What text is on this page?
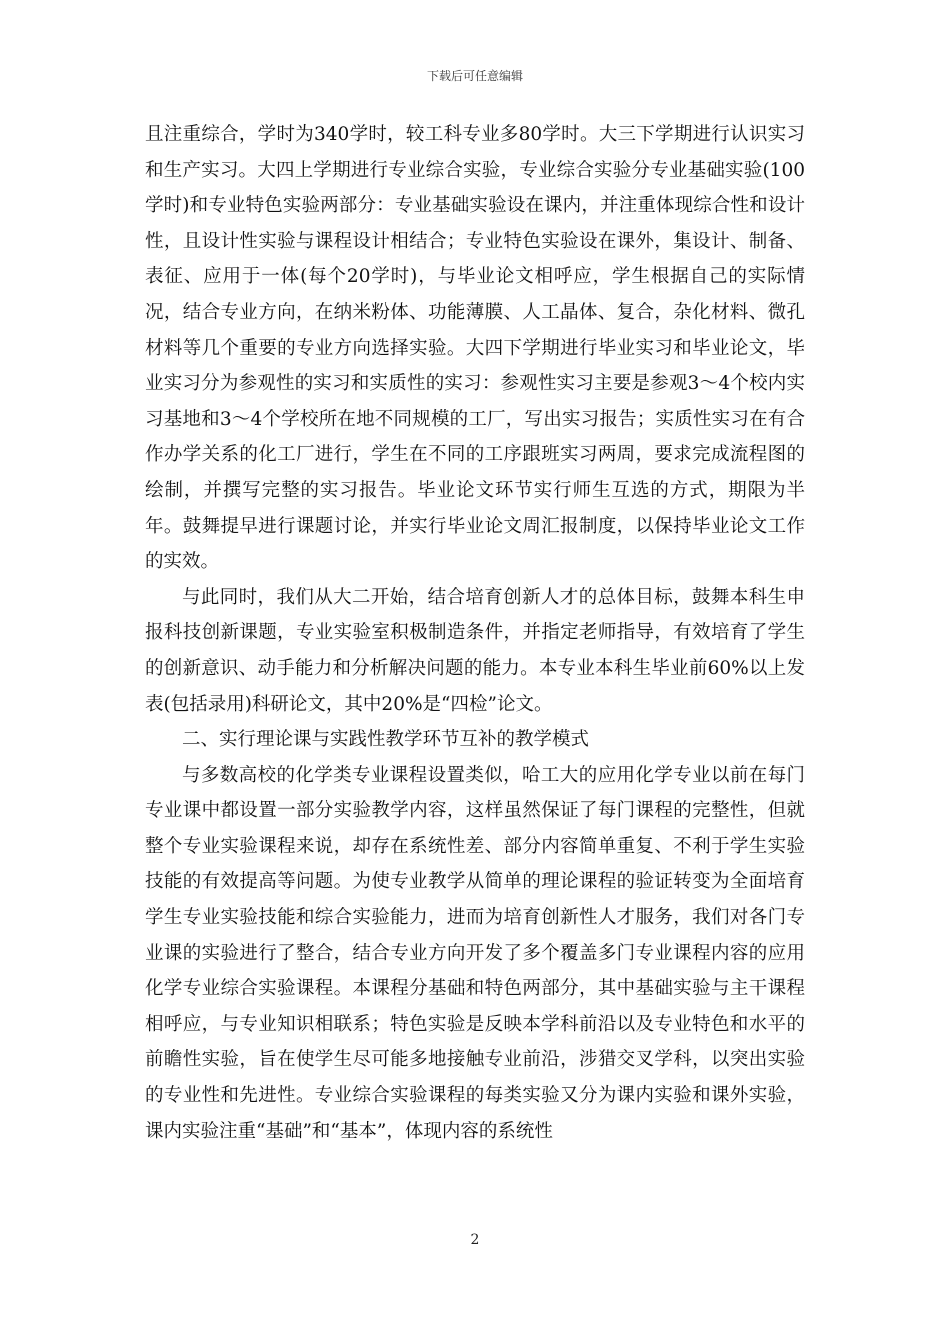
下载后可任意编辑

且注重综合，学时为340学时，较工科专业多80学时。大三下学期进行认识实习和生产实习。大四上学期进行专业综合实验，专业综合实验分专业基础实验(100学时)和专业特色实验两部分：专业基础实验设在课内，并注重体现综合性和设计性，且设计性实验与课程设计相结合；专业特色实验设在课外，集设计、制备、表征、应用于一体(每个20学时)，与毕业论文相呼应，学生根据自己的实际情况，结合专业方向，在纳米粉体、功能薄膜、人工晶体、复合，杂化材料、微孔材料等几个重要的专业方向选择实验。大四下学期进行毕业实习和毕业论文，毕业实习分为参观性的实习和实质性的实习：参观性实习主要是参观3～4个校内实习基地和3～4个学校所在地不同规模的工厂，写出实习报告；实质性实习在有合作办学关系的化工厂进行，学生在不同的工序跟班实习两周，要求完成流程图的绘制，并撰写完整的实习报告。毕业论文环节实行师生互选的方式，期限为半年。鼓舞提早进行课题讨论，并实行毕业论文周汇报制度，以保持毕业论文工作的实效。

与此同时，我们从大二开始，结合培育创新人才的总体目标，鼓舞本科生申报科技创新课题，专业实验室积极制造条件，并指定老师指导，有效培育了学生的创新意识、动手能力和分析解决问题的能力。本专业本科生毕业前60%以上发表(包括录用)科研论文，其中20%是“四检”论文。

二、实行理论课与实践性教学环节互补的教学模式

与多数高校的化学类专业课程设置类似，哈工大的应用化学专业以前在每门专业课中都设置一部分实验教学内容，这样虽然保证了每门课程的完整性，但就整个专业实验课程来说，却存在系统性差、部分内容简单重复、不利于学生实验技能的有效提高等问题。为使专业教学从简单的理论课程的验证转变为全面培育学生专业实验技能和综合实验能力，进而为培育创新性人才服务，我们对各门专业课的实验进行了整合，结合专业方向开发了多个覆盖多门专业课程内容的应用化学专业综合实验课程。本课程分基础和特色两部分，其中基础实验与主干课程相呼应，与专业知识相联系；特色实验是反映本学科前沿以及专业特色和水平的前瞻性实验，旨在使学生尽可能多地接触专业前沿，涉猎交叉学科，以突出实验的专业性和先进性。专业综合实验课程的每类实验又分为课内实验和课外实验，课内实验注重“基础”和“基本”，体现内容的系统性

2
